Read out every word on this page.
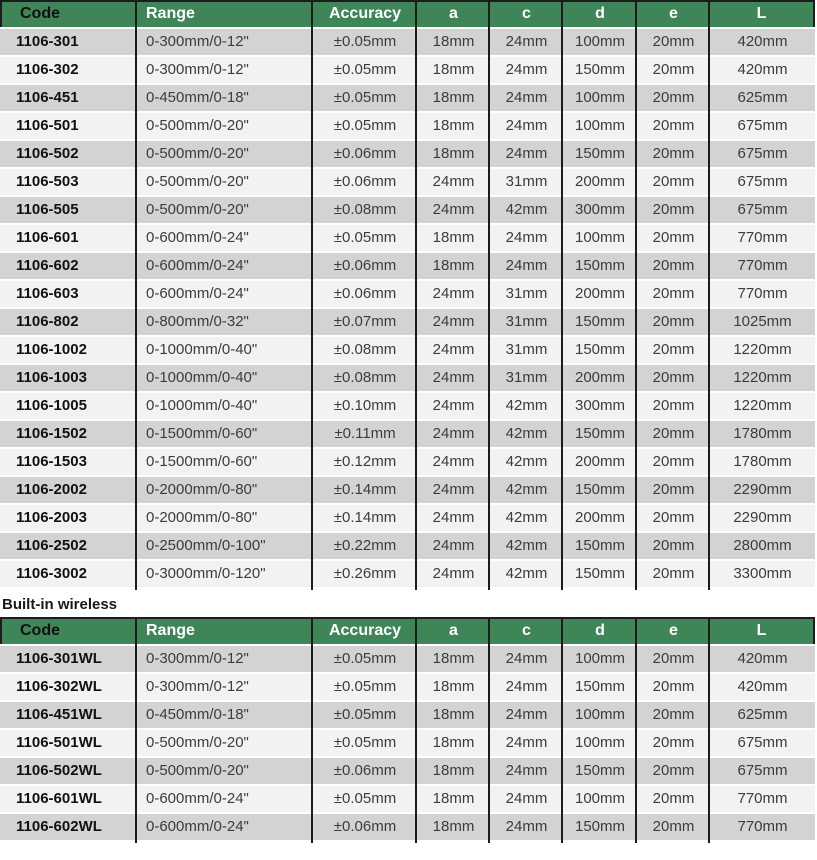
Code	Range	Accuracy	a	c	d	e	L
1106-301	0-300mm/0-12"	±0.05mm	18mm	24mm	100mm	20mm	420mm
1106-302	0-300mm/0-12"	±0.05mm	18mm	24mm	150mm	20mm	420mm
1106-451	0-450mm/0-18"	±0.05mm	18mm	24mm	100mm	20mm	625mm
1106-501	0-500mm/0-20"	±0.05mm	18mm	24mm	100mm	20mm	675mm
1106-502	0-500mm/0-20"	±0.06mm	18mm	24mm	150mm	20mm	675mm
1106-503	0-500mm/0-20"	±0.06mm	24mm	31mm	200mm	20mm	675mm
1106-505	0-500mm/0-20"	±0.08mm	24mm	42mm	300mm	20mm	675mm
1106-601	0-600mm/0-24"	±0.05mm	18mm	24mm	100mm	20mm	770mm
1106-602	0-600mm/0-24"	±0.06mm	18mm	24mm	150mm	20mm	770mm
1106-603	0-600mm/0-24"	±0.06mm	24mm	31mm	200mm	20mm	770mm
1106-802	0-800mm/0-32"	±0.07mm	24mm	31mm	150mm	20mm	1025mm
1106-1002	0-1000mm/0-40"	±0.08mm	24mm	31mm	150mm	20mm	1220mm
1106-1003	0-1000mm/0-40"	±0.08mm	24mm	31mm	200mm	20mm	1220mm
1106-1005	0-1000mm/0-40"	±0.10mm	24mm	42mm	300mm	20mm	1220mm
1106-1502	0-1500mm/0-60"	±0.11mm	24mm	42mm	150mm	20mm	1780mm
1106-1503	0-1500mm/0-60"	±0.12mm	24mm	42mm	200mm	20mm	1780mm
1106-2002	0-2000mm/0-80"	±0.14mm	24mm	42mm	150mm	20mm	2290mm
1106-2003	0-2000mm/0-80"	±0.14mm	24mm	42mm	200mm	20mm	2290mm
1106-2502	0-2500mm/0-100"	±0.22mm	24mm	42mm	150mm	20mm	2800mm
1106-3002	0-3000mm/0-120"	±0.26mm	24mm	42mm	150mm	20mm	3300mm
Built-in wireless
Code	Range	Accuracy	a	c	d	e	L
1106-301WL	0-300mm/0-12"	±0.05mm	18mm	24mm	100mm	20mm	420mm
1106-302WL	0-300mm/0-12"	±0.05mm	18mm	24mm	150mm	20mm	420mm
1106-451WL	0-450mm/0-18"	±0.05mm	18mm	24mm	100mm	20mm	625mm
1106-501WL	0-500mm/0-20"	±0.05mm	18mm	24mm	100mm	20mm	675mm
1106-502WL	0-500mm/0-20"	±0.06mm	18mm	24mm	150mm	20mm	675mm
1106-601WL	0-600mm/0-24"	±0.05mm	18mm	24mm	100mm	20mm	770mm
1106-602WL	0-600mm/0-24"	±0.06mm	18mm	24mm	150mm	20mm	770mm
